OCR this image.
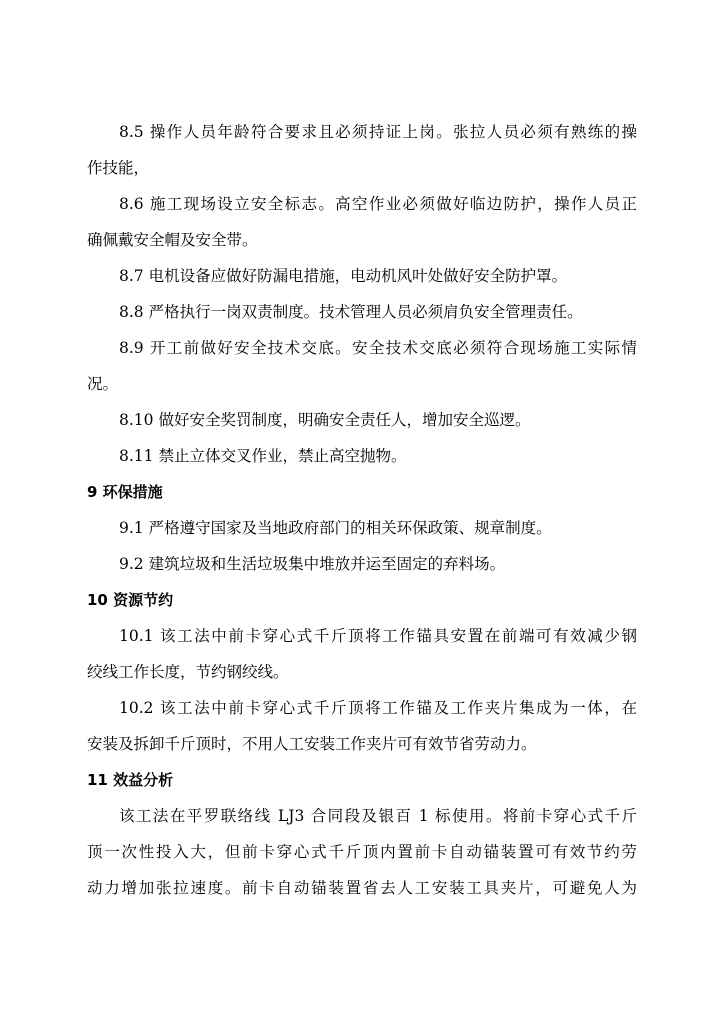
8.5 操作人员年龄符合要求且必须持证上岗。张拉人员必须有熟练的操
作技能，
8.6 施工现场设立安全标志。高空作业必须做好临边防护，操作人员正
确佩戴安全帽及安全带。
8.7 电机设备应做好防漏电措施，电动机风叶处做好安全防护罩。
8.8 严格执行一岗双责制度。技术管理人员必须肩负安全管理责任。
8.9 开工前做好安全技术交底。安全技术交底必须符合现场施工实际情
况。
8.10 做好安全奖罚制度，明确安全责任人，增加安全巡逻。
8.11 禁止立体交叉作业，禁止高空抛物。
9 环保措施
9.1 严格遵守国家及当地政府部门的相关环保政策、规章制度。
9.2 建筑垃圾和生活垃圾集中堆放并运至固定的弃料场。
10 资源节约
10.1 该工法中前卡穿心式千斤顶将工作锚具安置在前端可有效减少钢
绞线工作长度，节约钢绞线。
10.2 该工法中前卡穿心式千斤顶将工作锚及工作夹片集成为一体，在
安装及拆卸千斤顶时，不用人工安装工作夹片可有效节省劳动力。
11 效益分析
该工法在平罗联络线 LJ3 合同段及银百 1 标使用。将前卡穿心式千斤
顶一次性投入大，但前卡穿心式千斤顶内置前卡自动锚装置可有效节约劳
动力增加张拉速度。前卡自动锚装置省去人工安装工具夹片，可避免人为
